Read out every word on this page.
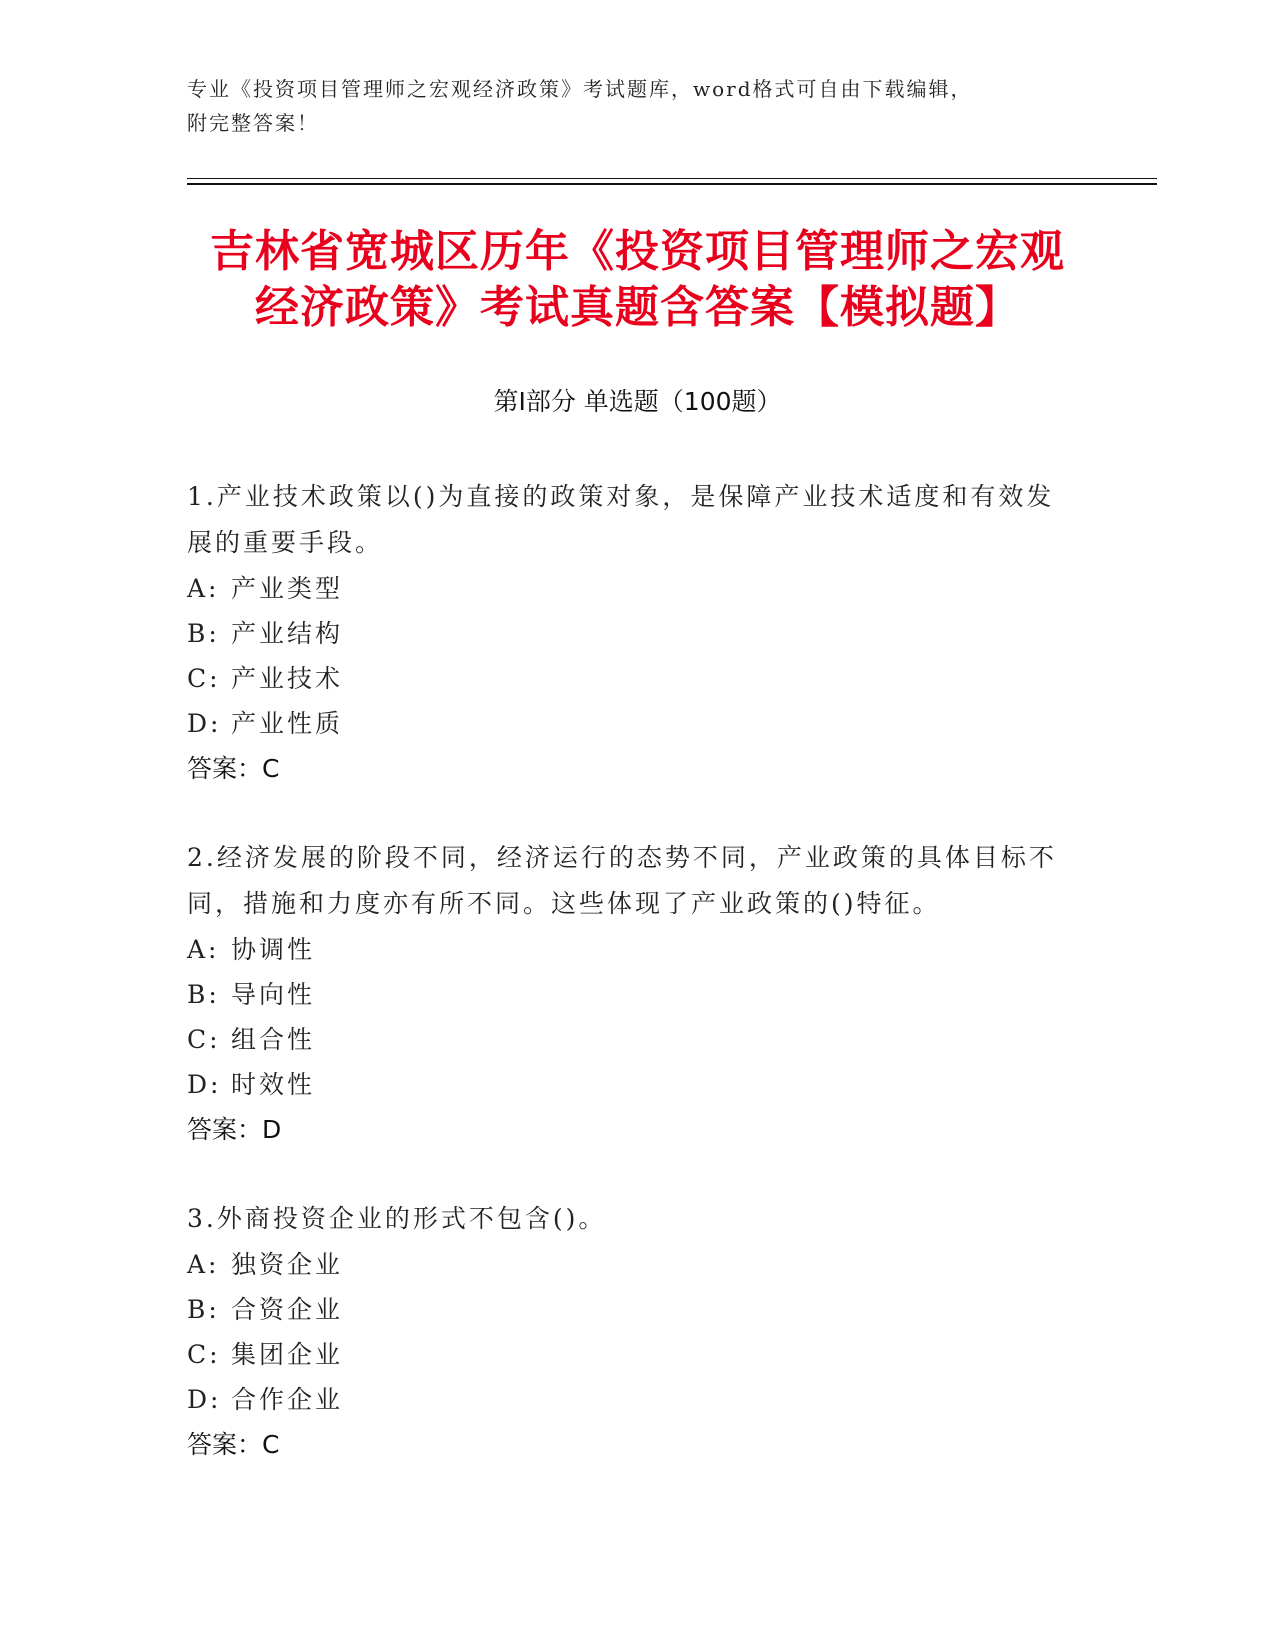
专业《投资项目管理师之宏观经济政策》考试题库，word格式可自由下载编辑，
附完整答案！
吉林省宽城区历年《投资项目管理师之宏观
经济政策》考试真题含答案【模拟题】
第Ⅰ部分 单选题（100题）

1.产业技术政策以()为直接的政策对象，是保障产业技术适度和有效发展的重要手段。

A: 产业类型
B: 产业结构
C: 产业技术
D: 产业性质
答案：C

2.经济发展的阶段不同，经济运行的态势不同，产业政策的具体目标不同，措施和力度亦有所不同。这些体现了产业政策的()特征。

A: 协调性
B: 导向性
C: 组合性
D: 时效性
答案：D

3.外商投资企业的形式不包含()。

A: 独资企业
B: 合资企业
C: 集团企业
D: 合作企业
答案：C
